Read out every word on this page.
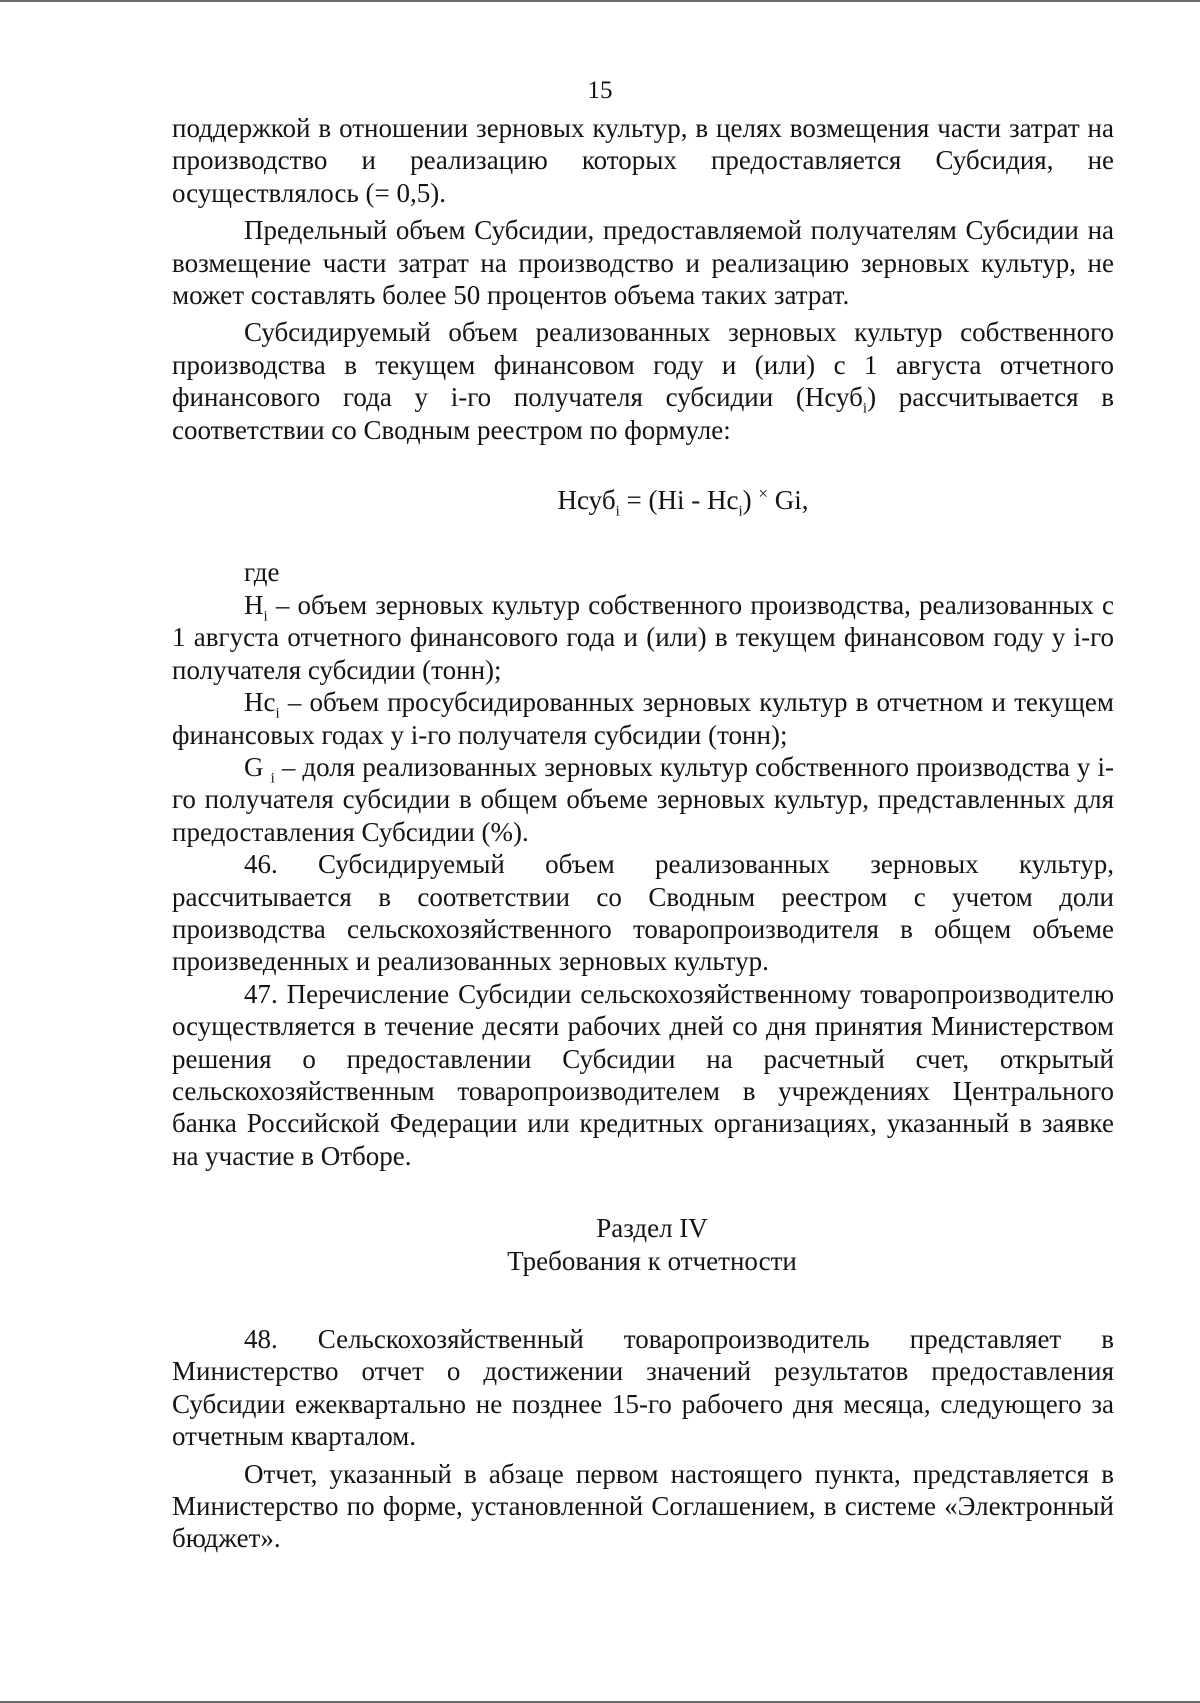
15

поддержкой в отношении зерновых культур, в целях возмещения части затрат на производство и реализацию которых предоставляется Субсидия, не осуществлялось (= 0,5).

Предельный объем Субсидии, предоставляемой получателям Субсидии на возмещение части затрат на производство и реализацию зерновых культур, не может составлять более 50 процентов объема таких затрат.

Субсидируемый объем реализованных зерновых культур собственного производства в текущем финансовом году и (или) с 1 августа отчетного финансового года у i-го получателя субсидии (Нсуб$_i$) рассчитывается в соответствии со Сводным реестром по формуле:

Нсуб$_i$ = $(Нi - Нс_i)$ × Gi,

где

$Н_i$ – объем зерновых культур собственного производства, реализованных с 1 августа отчетного финансового года и (или) в текущем финансовом году у i-го получателя субсидии (тонн);

$Нс_i$ – объем просубсидированных зерновых культур в отчетном и текущем финансовых годах у i-го получателя субсидии (тонн);

G $_i$ – доля реализованных зерновых культур собственного производства у i-го получателя субсидии в общем объеме зерновых культур, представленных для предоставления Субсидии (%).

46. Субсидируемый объем реализованных зерновых культур, рассчитывается в соответствии со Сводным реестром с учетом доли производства сельскохозяйственного товаропроизводителя в общем объеме произведенных и реализованных зерновых культур.

47. Перечисление Субсидии сельскохозяйственному товаропроизводителю осуществляется в течение десяти рабочих дней со дня принятия Министерством решения о предоставлении Субсидии на расчетный счет, открытый сельскохозяйственным товаропроизводителем в учреждениях Центрального банка Российской Федерации или кредитных организациях, указанный в заявке на участие в Отборе.

Раздел IV

Требования к отчетности

48. Сельскохозяйственный товаропроизводитель представляет в Министерство отчет о достижении значений результатов предоставления Субсидии ежеквартально не позднее 15-го рабочего дня месяца, следующего за отчетным кварталом.

Отчет, указанный в абзаце первом настоящего пункта, представляется в Министерство по форме, установленной Соглашением, в системе «Электронный бюджет».
